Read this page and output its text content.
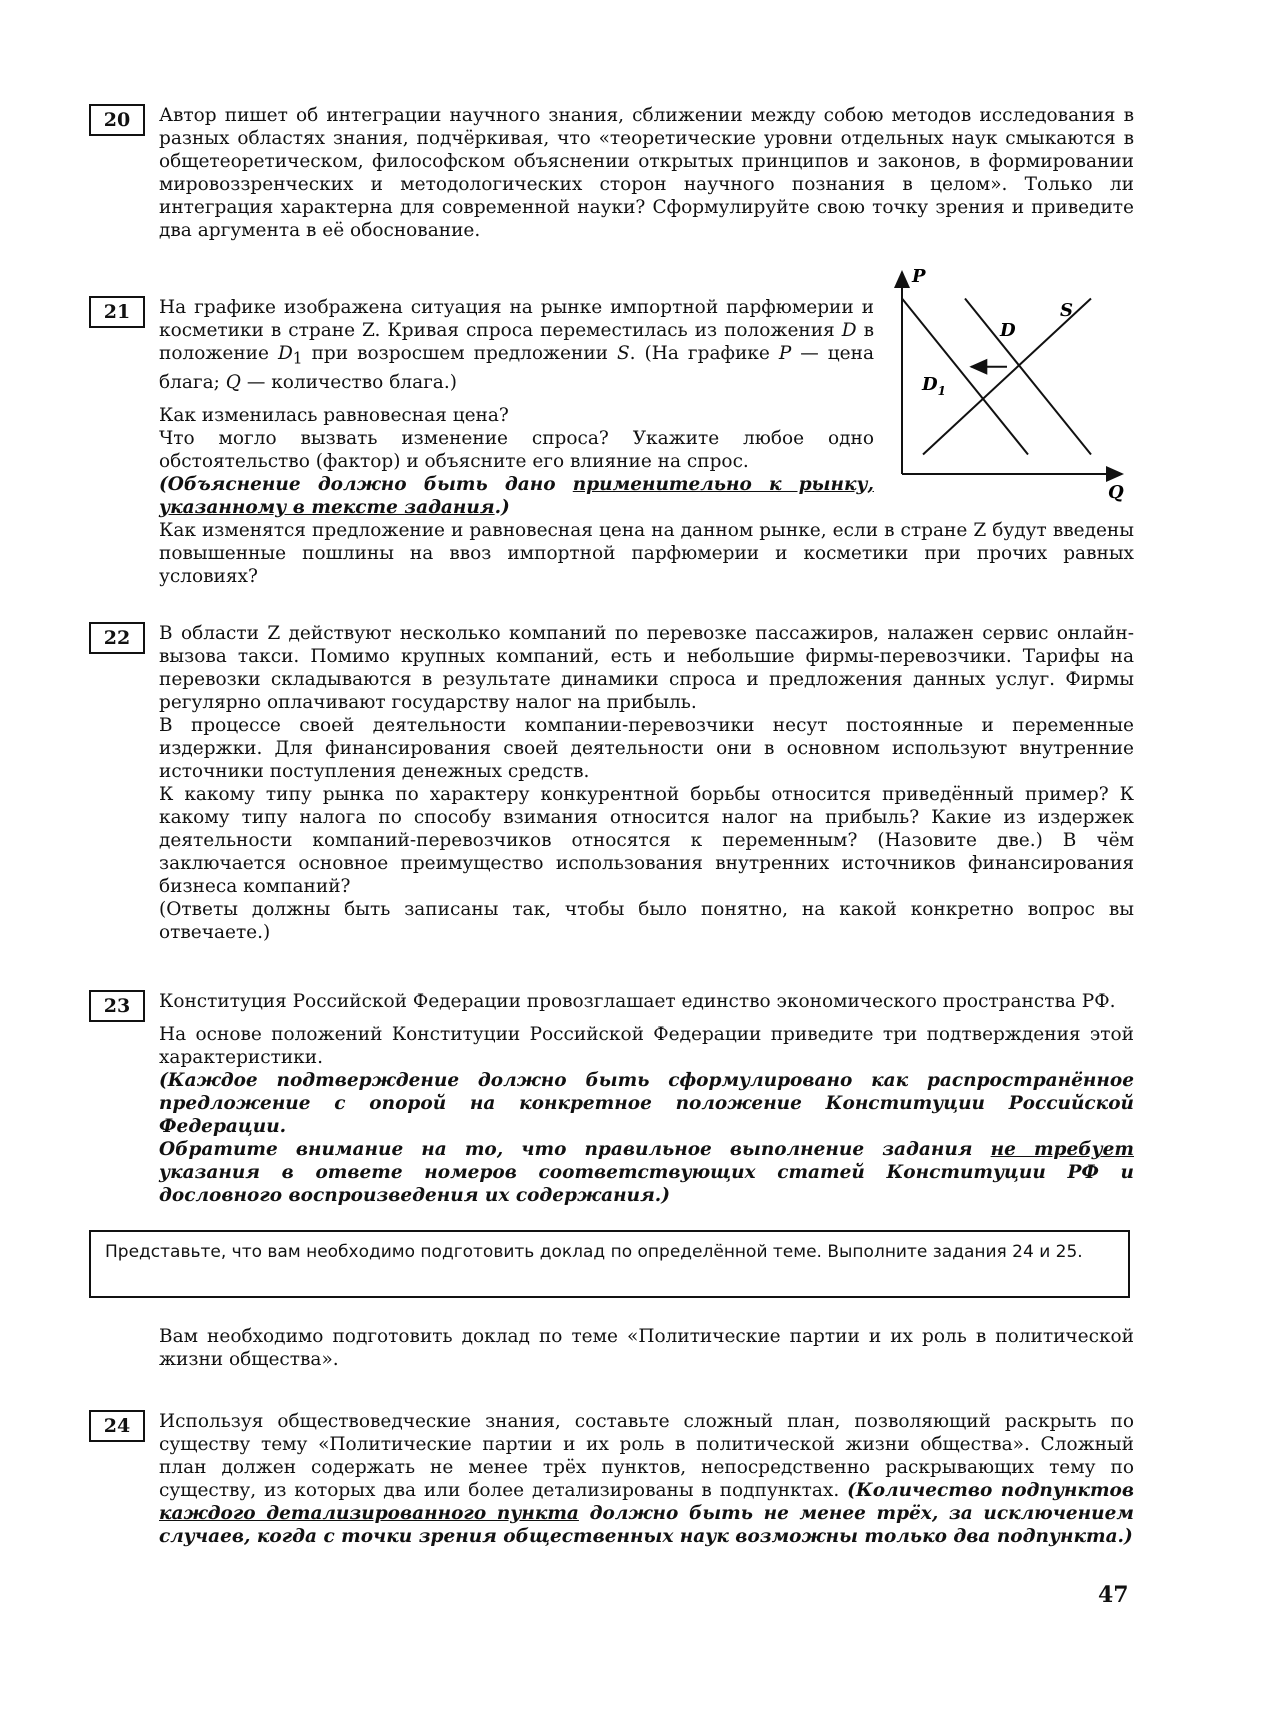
20	Автор пишет об интеграции научного знания, сближении между собою методов исследования в разных областях знания, подчёркивая, что «теоретические уровни отдельных наук смыкаются в общетеоретическом, философском объяснении открытых принципов и законов, в формировании мировоззренческих и методологических сторон научного познания в целом». Только ли интеграция характерна для современной науки? Сформулируйте свою точку зрения и приведите два аргумента в её обоснование.

21	На графике изображена ситуация на рынке импортной парфюмерии и косметики в стране Z. Кривая спроса переместилась из положения D в положение $D_1$ при возросшем предложении S. (На графике P — цена блага; Q — количество блага.)

Как изменилась равновесная цена?

Что могло вызвать изменение спроса? Укажите любое одно обстоятельство (фактор) и объясните его влияние на спрос.

(Объяснение должно быть дано применительно к рынку, указанному в тексте задания.)

Как изменятся предложение и равновесная цена на данном рынке, если в стране Z будут введены повышенные пошлины на ввоз импортной парфюмерии и косметики при прочих равных условиях?

P
Q
S
D
$D_1$
22	В области Z действуют несколько компаний по перевозке пассажиров, налажен сервис онлайн-вызова такси. Помимо крупных компаний, есть и небольшие фирмы-перевозчики. Тарифы на перевозки складываются в результате динамики спроса и предложения данных услуг. Фирмы регулярно оплачивают государству налог на прибыль.

В процессе своей деятельности компании-перевозчики несут постоянные и переменные издержки. Для финансирования своей деятельности они в основном используют внутренние источники поступления денежных средств.

К какому типу рынка по характеру конкурентной борьбы относится приведённый пример? К какому типу налога по способу взимания относится налог на прибыль? Какие из издержек деятельности компаний-перевозчиков относятся к переменным? (Назовите две.) В чём заключается основное преимущество использования внутренних источников финансирования бизнеса компаний?

(Ответы должны быть записаны так, чтобы было понятно, на какой конкретно вопрос вы отвечаете.)

23	Конституция Российской Федерации провозглашает единство экономического пространства РФ.

На основе положений Конституции Российской Федерации приведите три подтверждения этой характеристики.

(Каждое подтверждение должно быть сформулировано как распространённое предложение с опорой на конкретное положение Конституции Российской Федерации.

Обратите внимание на то, что правильное выполнение задания не требует указания в ответе номеров соответствующих статей Конституции РФ и дословного воспроизведения их содержания.)

Представьте, что вам необходимо подготовить доклад по определённой теме. Выполните задания 24 и 25.
Вам необходимо подготовить доклад по теме «Политические партии и их роль в политической жизни общества».
24	Используя обществоведческие знания, составьте сложный план, позволяющий раскрыть по существу тему «Политические партии и их роль в политической жизни общества». Сложный план должен содержать не менее трёх пунктов, непосредственно раскрывающих тему по существу, из которых два или более детализированы в подпунктах. (Количество подпунктов каждого детализированного пункта должно быть не менее трёх, за исключением случаев, когда с точки зрения общественных наук возможны только два подпункта.)

47
